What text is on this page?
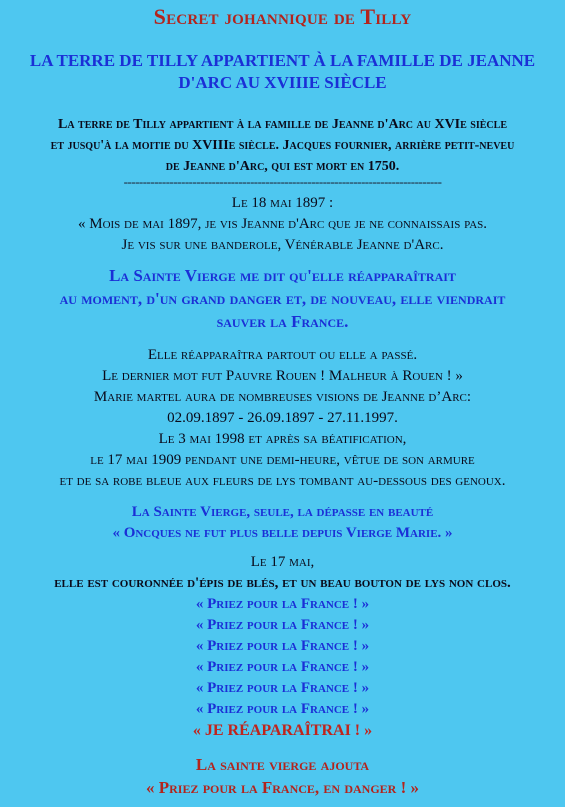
Secret johannique de Tilly
LA TERRE DE TILLY APPARTIENT À LA FAMILLE DE JEANNE
D'ARC AU XVIIIE SIÈCLE
La terre de Tilly appartient à la famille de Jeanne d'Arc au XVIe siècle
et jusqu'à la moitie du XVIIIe siècle. Jacques fournier, arrière petit-neveu
de Jeanne d'Arc, qui est mort en 1750.
-----------------------------------------------------------------------------------
Le 18 mai 1897 :
« Mois de mai 1897, je vis Jeanne d'Arc que je ne connaissais pas.
Je vis sur une banderole, Vénérable Jeanne d'Arc.
La Sainte Vierge me dit qu'elle réapparaîtrait
au moment, d'un grand danger et, de nouveau, elle viendrait
sauver la France.
Elle réapparaîtra partout ou elle a passé.
Le dernier mot fut Pauvre Rouen ! Malheur à Rouen ! »
Marie martel aura de nombreuses visions de Jeanne d’Arc:
02.09.1897 - 26.09.1897 - 27.11.1997.
Le 3 mai 1998 et après sa béatification,
le 17 mai 1909 pendant une demi-heure, vêtue de son armure
et de sa robe bleue aux fleurs de lys tombant au-dessous des genoux.
La Sainte Vierge, seule, la dépasse en beauté
« Oncques ne fut plus belle depuis Vierge Marie. »
Le 17 mai,
elle est couronnée d'épis de blés, et un beau bouton de lys non clos.
« Priez pour la France ! »
« Priez pour la France ! »
« Priez pour la France ! »
« Priez pour la France ! »
« Priez pour la France ! »
« Priez pour la France ! »
« JE RÉAPARAÎTRAI ! »
La sainte vierge ajouta
« Priez pour la France, en danger ! »
